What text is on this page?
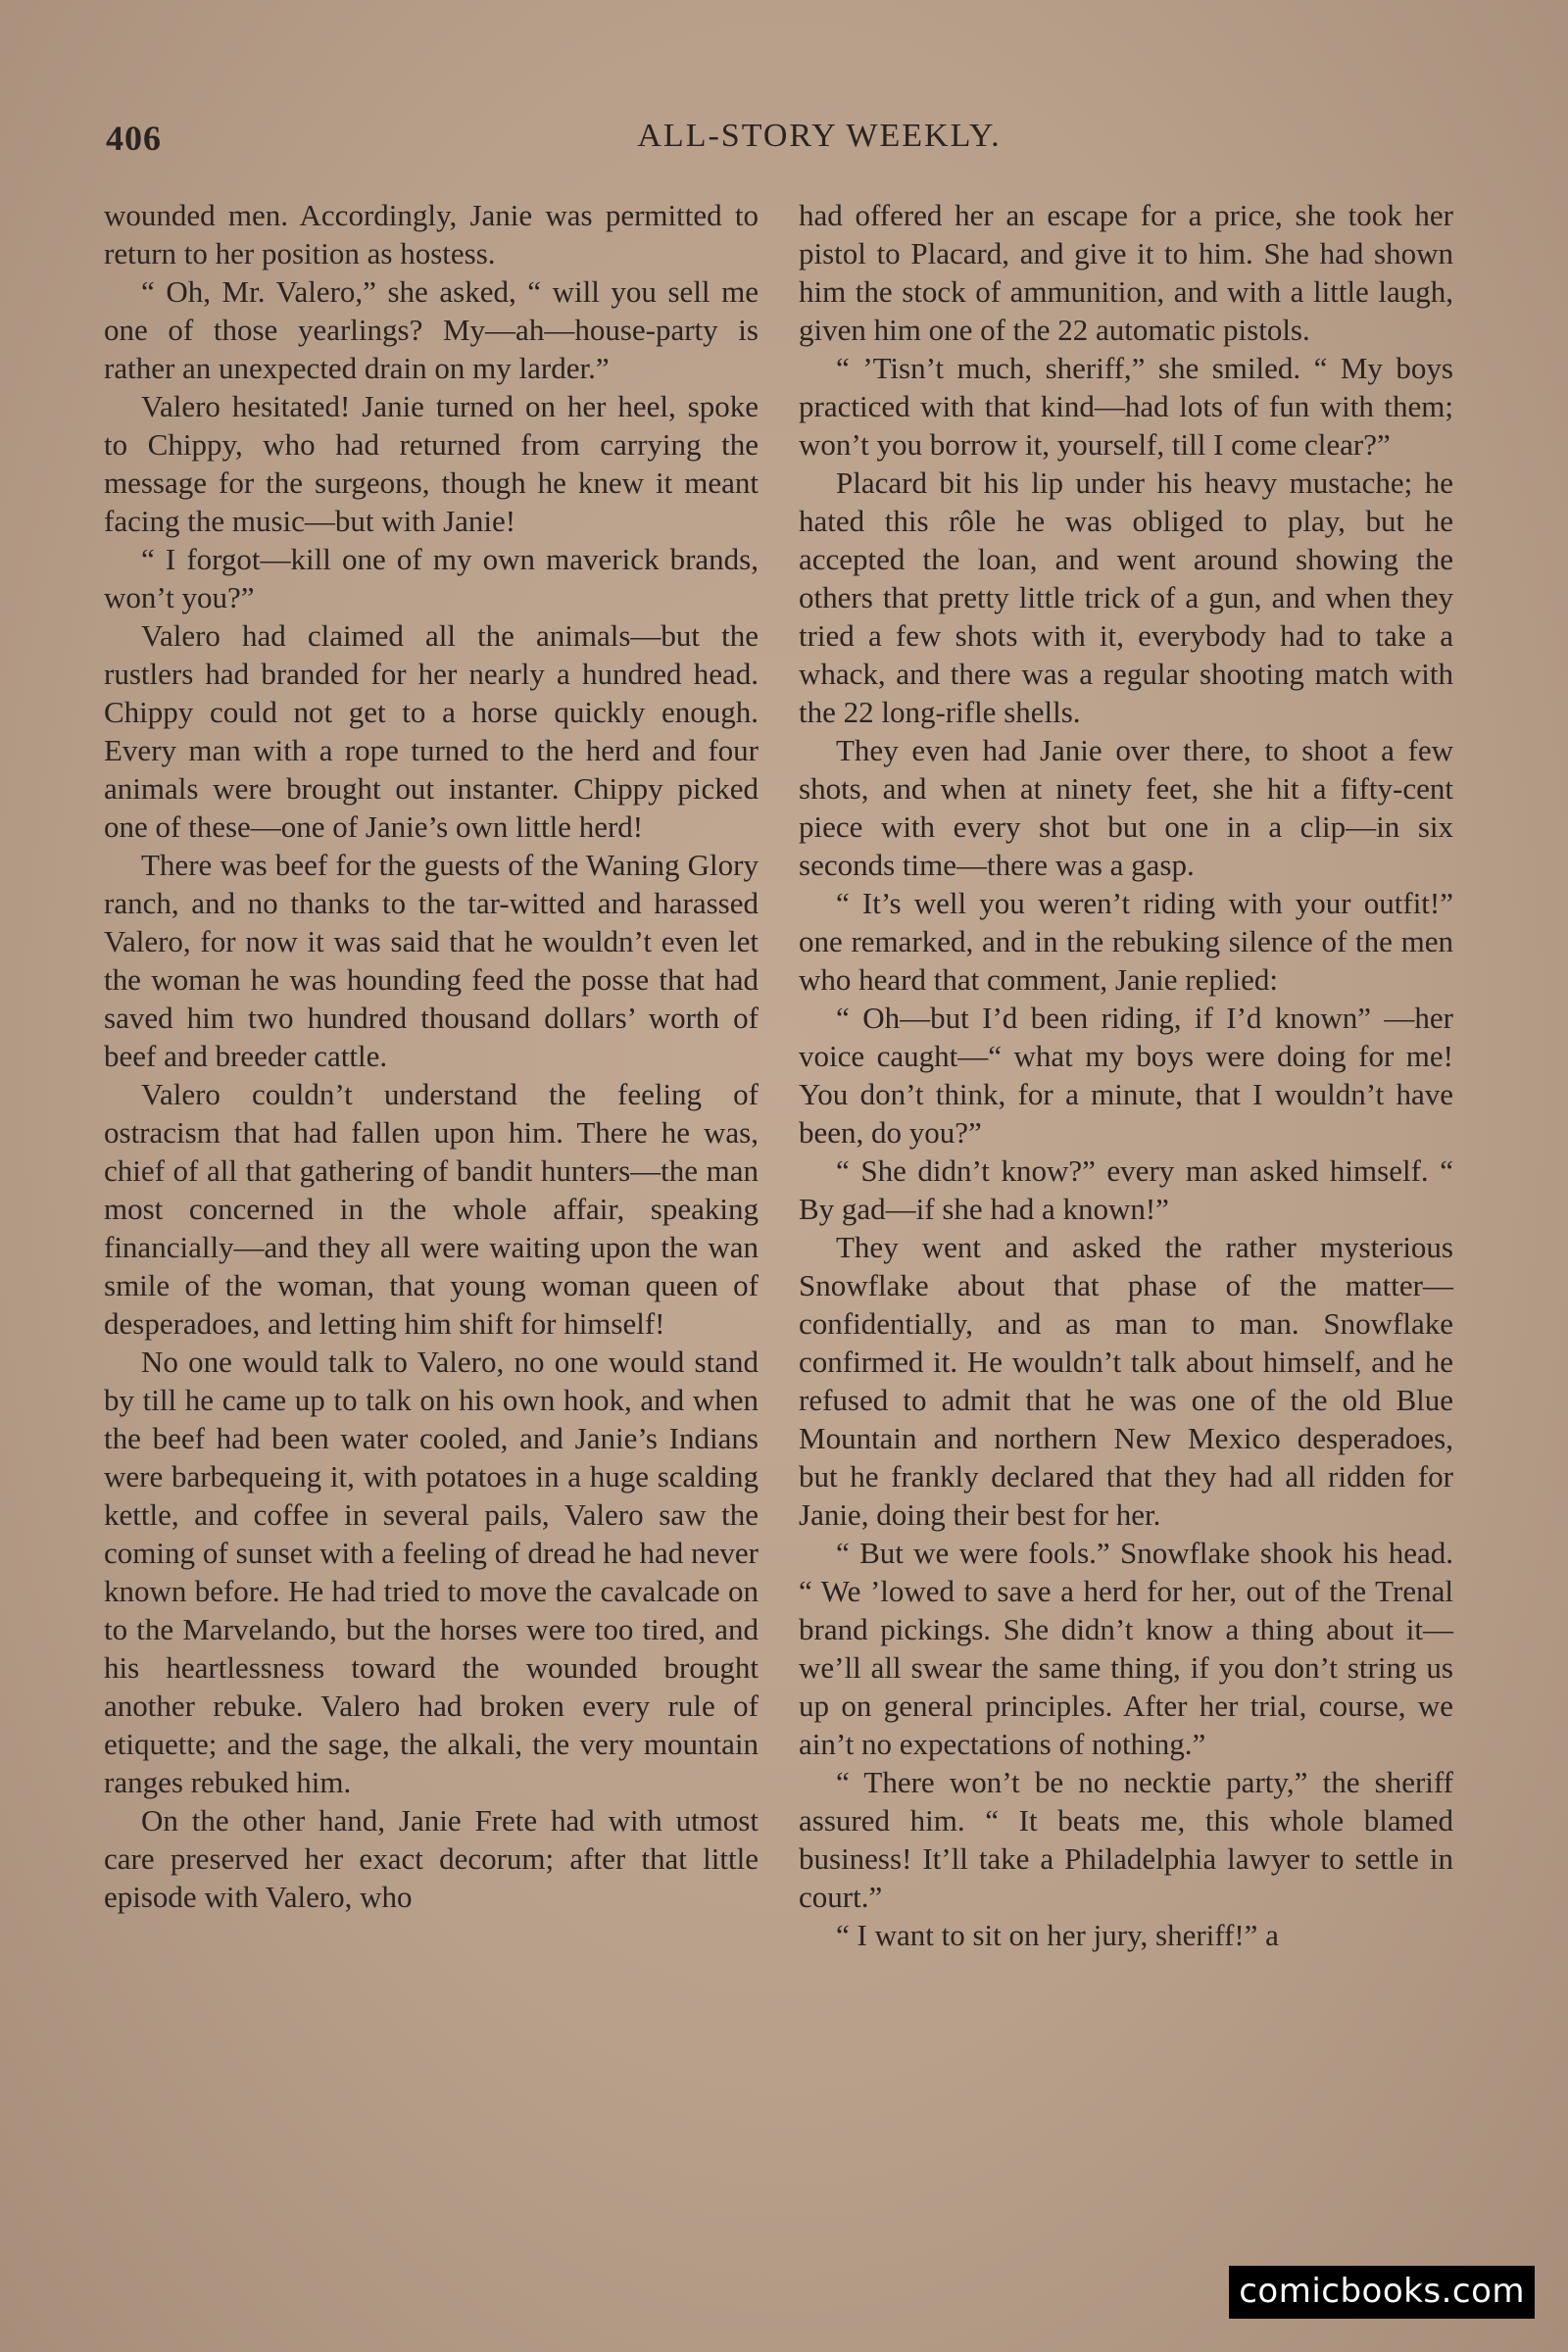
406	ALL-STORY WEEKLY.

wounded men. Accordingly, Janie was permitted to return to her position as hostess.

“ Oh, Mr. Valero,” she asked, “ will you sell me one of those yearlings? My—ah—house-party is rather an unexpected drain on my larder.”

Valero hesitated! Janie turned on her heel, spoke to Chippy, who had returned from carrying the message for the surgeons, though he knew it meant facing the music—but with Janie!

“ I forgot—kill one of my own maverick brands, won’t you?”

Valero had claimed all the animals—but the rustlers had branded for her nearly a hundred head. Chippy could not get to a horse quickly enough. Every man with a rope turned to the herd and four animals were brought out instanter. Chippy picked one of these—one of Janie’s own little herd!

There was beef for the guests of the Waning Glory ranch, and no thanks to the tar-witted and harassed Valero, for now it was said that he wouldn’t even let the woman he was hounding feed the posse that had saved him two hundred thousand dollars’ worth of beef and breeder cattle.

Valero couldn’t understand the feeling of ostracism that had fallen upon him. There he was, chief of all that gathering of bandit hunters—the man most concerned in the whole affair, speaking financially—and they all were waiting upon the wan smile of the woman, that young woman queen of desperadoes, and letting him shift for himself!

No one would talk to Valero, no one would stand by till he came up to talk on his own hook, and when the beef had been water cooled, and Janie’s Indians were barbequeing it, with potatoes in a huge scalding kettle, and coffee in several pails, Valero saw the coming of sunset with a feeling of dread he had never known before. He had tried to move the cavalcade on to the Marvelando, but the horses were too tired, and his heartlessness toward the wounded brought another rebuke. Valero had broken every rule of etiquette; and the sage, the alkali, the very mountain ranges rebuked him.

On the other hand, Janie Frete had with utmost care preserved her exact decorum; after that little episode with Valero, who

had offered her an escape for a price, she took her pistol to Placard, and give it to him. She had shown him the stock of ammunition, and with a little laugh, given him one of the 22 automatic pistols.

“ ’Tisn’t much, sheriff,” she smiled. “ My boys practiced with that kind—had lots of fun with them; won’t you borrow it, yourself, till I come clear?”

Placard bit his lip under his heavy mustache; he hated this rôle he was obliged to play, but he accepted the loan, and went around showing the others that pretty little trick of a gun, and when they tried a few shots with it, everybody had to take a whack, and there was a regular shooting match with the 22 long-rifle shells.

They even had Janie over there, to shoot a few shots, and when at ninety feet, she hit a fifty-cent piece with every shot but one in a clip—in six seconds time—there was a gasp.

“ It’s well you weren’t riding with your outfit!” one remarked, and in the rebuking silence of the men who heard that comment, Janie replied:

“ Oh—but I’d been riding, if I’d known” —her voice caught—“ what my boys were doing for me! You don’t think, for a minute, that I wouldn’t have been, do you?”

“ She didn’t know?” every man asked himself. “ By gad—if she had a known!”

They went and asked the rather mysterious Snowflake about that phase of the matter—confidentially, and as man to man. Snowflake confirmed it. He wouldn’t talk about himself, and he refused to admit that he was one of the old Blue Mountain and northern New Mexico desperadoes, but he frankly declared that they had all ridden for Janie, doing their best for her.

“ But we were fools.” Snowflake shook his head. “ We ’lowed to save a herd for her, out of the Trenal brand pickings. She didn’t know a thing about it—we’ll all swear the same thing, if you don’t string us up on general principles. After her trial, course, we ain’t no expectations of nothing.”

“ There won’t be no necktie party,” the sheriff assured him. “ It beats me, this whole blamed business! It’ll take a Philadelphia lawyer to settle in court.”

“ I want to sit on her jury, sheriff!” a

comicbooks.com
